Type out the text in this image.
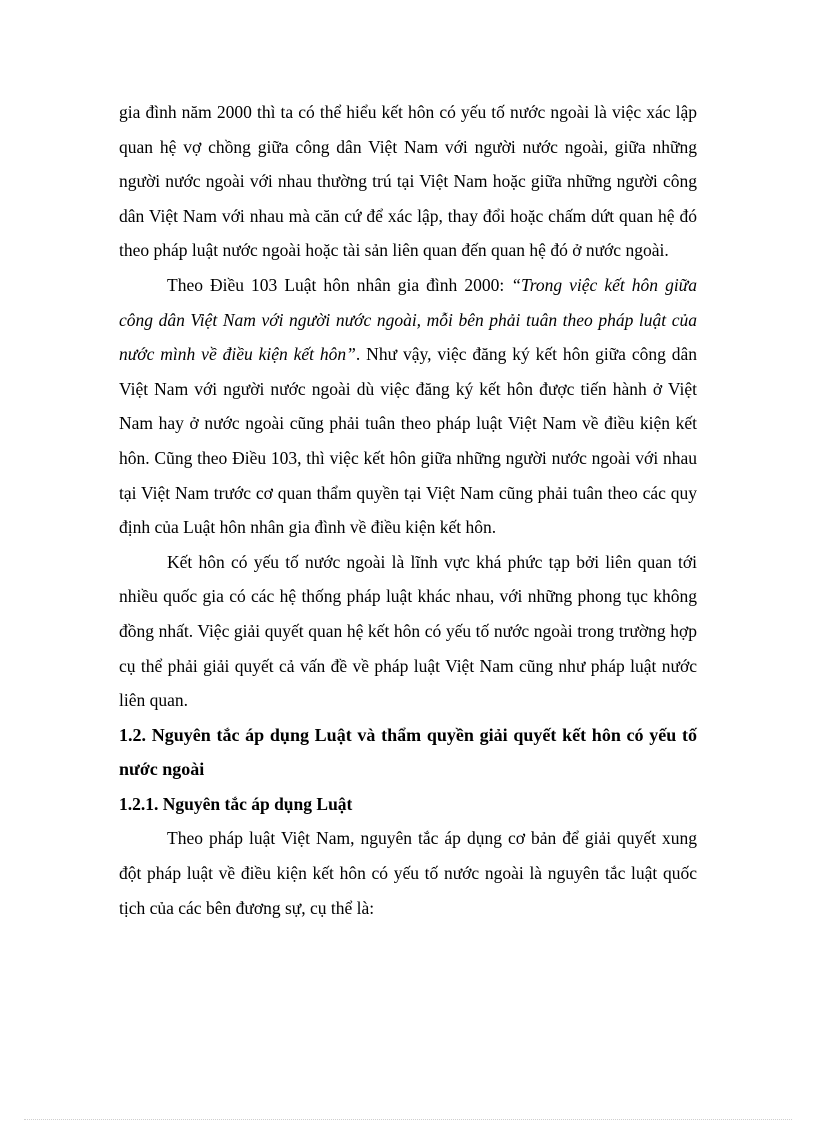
gia đình năm 2000 thì ta có thể hiểu kết hôn có yếu tố nước ngoài là việc xác lập quan hệ vợ chồng giữa công dân Việt Nam với người nước ngoài, giữa những người nước ngoài với nhau thường trú tại Việt Nam hoặc giữa những người công dân Việt Nam với nhau mà căn cứ để xác lập, thay đổi hoặc chấm dứt quan hệ đó theo pháp luật nước ngoài hoặc tài sản liên quan đến quan hệ đó ở nước ngoài.

Theo Điều 103 Luật hôn nhân gia đình 2000: “Trong việc kết hôn giữa công dân Việt Nam với người nước ngoài, mỗi bên phải tuân theo pháp luật của nước mình về điều kiện kết hôn”. Như vậy, việc đăng ký kết hôn giữa công dân Việt Nam với người nước ngoài dù việc đăng ký kết hôn được tiến hành ở Việt Nam hay ở nước ngoài cũng phải tuân theo pháp luật Việt Nam về điều kiện kết hôn. Cũng theo Điều 103, thì việc kết hôn giữa những người nước ngoài với nhau tại Việt Nam trước cơ quan thẩm quyền tại Việt Nam cũng phải tuân theo các quy định của Luật hôn nhân gia đình về điều kiện kết hôn.

Kết hôn có yếu tố nước ngoài là lĩnh vực khá phức tạp bởi liên quan tới nhiều quốc gia có các hệ thống pháp luật khác nhau, với những phong tục không đồng nhất. Việc giải quyết quan hệ kết hôn có yếu tố nước ngoài trong trường hợp cụ thể phải giải quyết cả vấn đề về pháp luật Việt Nam cũng như pháp luật nước liên quan.

1.2. Nguyên tắc áp dụng Luật và thẩm quyền giải quyết kết hôn có yếu tố nước ngoài

1.2.1. Nguyên tắc áp dụng Luật

Theo pháp luật Việt Nam, nguyên tắc áp dụng cơ bản để giải quyết xung đột pháp luật về điều kiện kết hôn có yếu tố nước ngoài là nguyên tắc luật quốc tịch của các bên đương sự, cụ thể là:
